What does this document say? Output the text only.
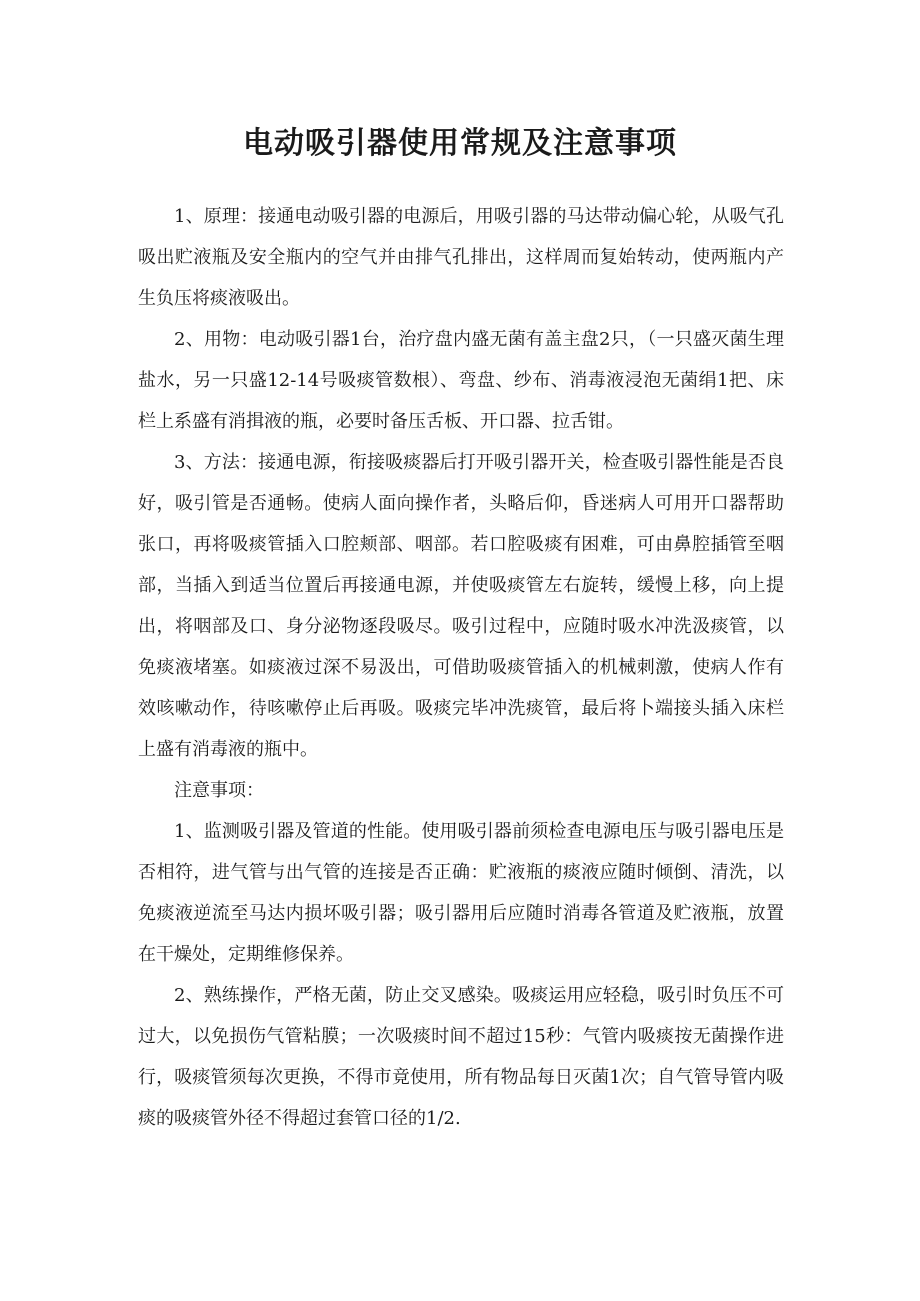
电动吸引器使用常规及注意事项

1、原理：接通电动吸引器的电源后，用吸引器的马达带动偏心轮，从吸气孔吸出贮液瓶及安全瓶内的空气并由排气孔排出，这样周而复始转动，使两瓶内产生负压将痰液吸出。

2、用物：电动吸引器1台，治疗盘内盛无菌有盖主盘2只，（一只盛灭菌生理盐水，另一只盛12-14号吸痰管数根）、弯盘、纱布、消毒液浸泡无菌绢1把、床栏上系盛有消揖液的瓶，必要时备压舌板、开口器、拉舌钳。

3、方法：接通电源，衔接吸痰器后打开吸引器开关，检查吸引器性能是否良好，吸引管是否通畅。使病人面向操作者，头略后仰，昏迷病人可用开口器帮助张口，再将吸痰管插入口腔颊部、咽部。若口腔吸痰有困难，可由鼻腔插管至咽部，当插入到适当位置后再接通电源，并使吸痰管左右旋转，缓慢上移，向上提出，将咽部及口、身分泌物逐段吸尽。吸引过程中，应随时吸水冲洗汲痰管，以免痰液堵塞。如痰液过深不易汲出，可借助吸痰管插入的机械刺激，使病人作有效咳嗽动作，待咳嗽停止后再吸。吸痰完毕冲洗痰管，最后将卜端接头插入床栏上盛有消毒液的瓶中。

注意事项：

1、监测吸引器及管道的性能。使用吸引器前须检查电源电压与吸引器电压是否相符，进气管与出气管的连接是否正确：贮液瓶的痰液应随时倾倒、清洗，以免痰液逆流至马达内损坏吸引器；吸引器用后应随时消毒各管道及贮液瓶，放置在干燥处，定期维修保养。

2、熟练操作，严格无菌，防止交叉感染。吸痰运用应轻稳，吸引时负压不可过大，以免损伤气管粘膜；一次吸痰时间不超过15秒：气管内吸痰按无菌操作进行，吸痰管须每次更换，不得市竟使用，所有物品每日灭菌1次；自气管导管内吸痰的吸痰管外径不得超过套管口径的1/2.
